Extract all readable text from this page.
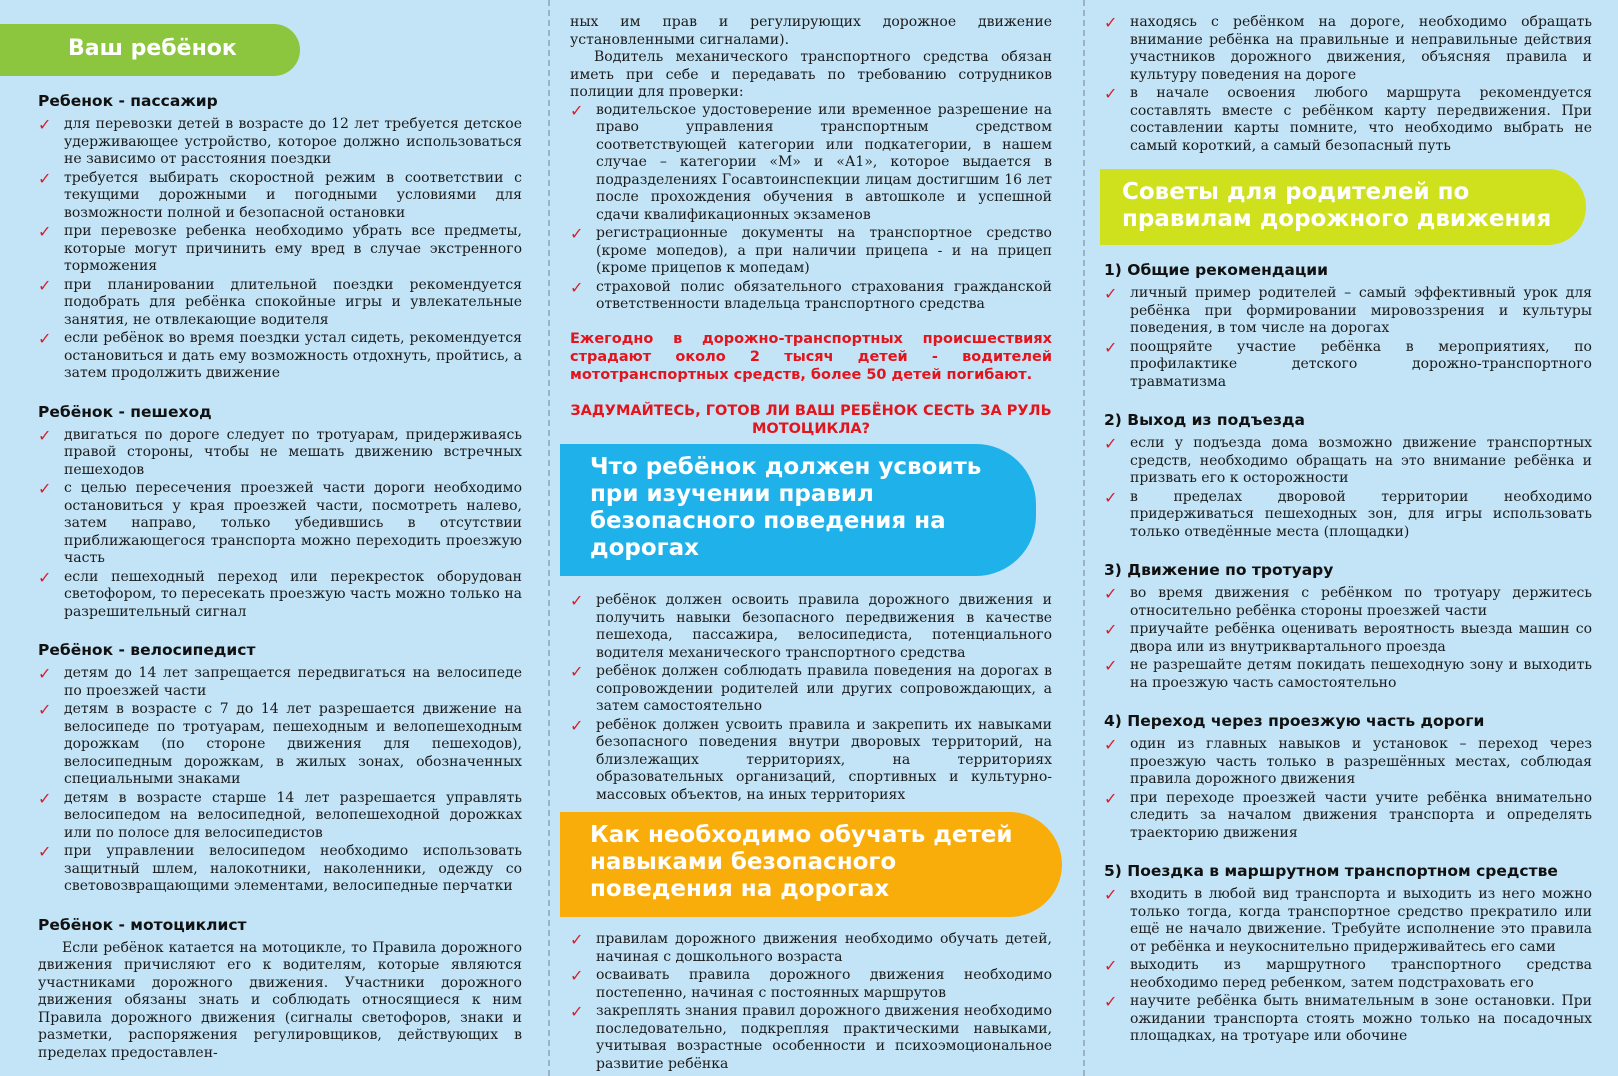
Ваш ребёнок
Ребенок - пассажир
✓ для перевозки детей в возрасте до 12 лет требуется детское удерживающее устройство, которое должно использоваться не зависимо от расстояния поездки
✓ требуется выбирать скоростной режим в соответствии с текущими дорожными и погодными условиями для возможности полной и безопасной остановки
✓ при перевозке ребенка необходимо убрать все предметы, которые могут причинить ему вред в случае экстренного торможения
✓ при планировании длительной поездки рекомендуется подобрать для ребёнка спокойные игры и увлекательные занятия, не отвлекающие водителя
✓ если ребёнок во время поездки устал сидеть, рекомендуется остановиться и дать ему возможность отдохнуть, пройтись, а затем продолжить движение
Ребёнок - пешеход
✓ двигаться по дороге следует по тротуарам, придерживаясь правой стороны, чтобы не мешать движению встречных пешеходов
✓ с целью пересечения проезжей части дороги необходимо остановиться у края проезжей части, посмотреть налево, затем направо, только убедившись в отсутствии приближающегося транспорта можно переходить проезжую часть
✓ если пешеходный переход или перекресток оборудован светофором, то пересекать проезжую часть можно только на разрешительный сигнал
Ребёнок - велосипедист
✓ детям до 14 лет запрещается передвигаться на велосипеде по проезжей части
✓ детям в возрасте с 7 до 14 лет разрешается движение на велосипеде по тротуарам, пешеходным и велопешеходным дорожкам (по стороне движения для пешеходов), велосипедным дорожкам, в жилых зонах, обозначенных специальными знаками
✓ детям в возрасте старше 14 лет разрешается управлять велосипедом на велосипедной, велопешеходной дорожках или по полосе для велосипедистов
✓ при управлении велосипедом необходимо использовать защитный шлем, налокотники, наколенники, одежду со световозвращающими элементами, велосипедные перчатки
Ребёнок - мотоциклист

Если ребёнок катается на мотоцикле, то Правила дорожного движения причисляют его к водителям, которые являются участниками дорожного движения. Участники дорожного движения обязаны знать и соблюдать относящиеся к ним Правила дорожного движения (сигналы светофоров, знаки и разметки, распоряжения регулировщиков, действующих в пределах предоставлен-

ных им прав и регулирующих дорожное движение установленными сигналами).

Водитель механического транспортного средства обязан иметь при себе и передавать по требованию сотрудников полиции для проверки:

✓ водительское удостоверение или временное разрешение на право управления транспортным средством соответствующей категории или подкатегории, в нашем случае – категории «М» и «А1», которое выдается в подразделениях Госавтоинспекции лицам достигшим 16 лет после прохождения обучения в автошколе и успешной сдачи квалификационных экзаменов
✓ регистрационные документы на транспортное средство (кроме мопедов), а при наличии прицепа - и на прицеп (кроме прицепов к мопедам)
✓ страховой полис обязательного страхования гражданской ответственности владельца транспортного средства

Ежегодно в дорожно-транспортных происшествиях страдают около 2 тысяч детей - водителей мототранспортных средств, более 50 детей погибают.

ЗАДУМАЙТЕСЬ, ГОТОВ ЛИ ВАШ РЕБЁНОК СЕСТЬ ЗА РУЛЬ МОТОЦИКЛА?

Что ребёнок должен усвоить при изучении правил безопасного поведения на дорогах
✓ ребёнок должен освоить правила дорожного движения и получить навыки безопасного передвижения в качестве пешехода, пассажира, велосипедиста, потенциального водителя механического транспортного средства
✓ ребёнок должен соблюдать правила поведения на дорогах в сопровождении родителей или других сопровождающих, а затем самостоятельно
✓ ребёнок должен усвоить правила и закрепить их навыками безопасного поведения внутри дворовых территорий, на близлежащих территориях, на территориях образовательных организаций, спортивных и культурно-массовых объектов, на иных территориях
Как необходимо обучать детей навыками безопасного поведения на дорогах
✓ правилам дорожного движения необходимо обучать детей, начиная с дошкольного возраста
✓ осваивать правила дорожного движения необходимо постепенно, начиная с постоянных маршрутов
✓ закреплять знания правил дорожного движения необходимо последовательно, подкрепляя практическими навыками, учитывая возрастные особенности и психоэмоциональное развитие ребёнка
✓ находясь с ребёнком на дороге, необходимо обращать внимание ребёнка на правильные и неправильные действия участников дорожного движения, объясняя правила и культуру поведения на дороге
✓ в начале освоения любого маршрута рекомендуется составлять вместе с ребёнком карту передвижения. При составлении карты помните, что необходимо выбрать не самый короткий, а самый безопасный путь
Советы для родителей по правилам дорожного движения
1) Общие рекомендации
✓ личный пример родителей – самый эффективный урок для ребёнка при формировании мировоззрения и культуры поведения, в том числе на дорогах
✓ поощряйте участие ребёнка в мероприятиях, по профилактике детского дорожно-транспортного травматизма
2) Выход из подъезда
✓ если у подъезда дома возможно движение транспортных средств, необходимо обращать на это внимание ребёнка и призвать его к осторожности
✓ в пределах дворовой территории необходимо придерживаться пешеходных зон, для игры использовать только отведённые места (площадки)
3) Движение по тротуару
✓ во время движения с ребёнком по тротуару держитесь относительно ребёнка стороны проезжей части
✓ приучайте ребёнка оценивать вероятность выезда машин со двора или из внутриквартального проезда
✓ не разрешайте детям покидать пешеходную зону и выходить на проезжую часть самостоятельно
4) Переход через проезжую часть дороги
✓ один из главных навыков и установок – переход через проезжую часть только в разрешённых местах, соблюдая правила дорожного движения
✓ при переходе проезжей части учите ребёнка внимательно следить за началом движения транспорта и определять траекторию движения
5) Поездка в маршрутном транспортном средстве
✓ входить в любой вид транспорта и выходить из него можно только тогда, когда транспортное средство прекратило или ещё не начало движение. Требуйте исполнение это правила от ребёнка и неукоснительно придерживайтесь его сами
✓ выходить из маршрутного транспортного средства необходимо перед ребенком, затем подстраховать его
✓ научите ребёнка быть внимательным в зоне остановки. При ожидании транспорта стоять можно только на посадочных площадках, на тротуаре или обочине
